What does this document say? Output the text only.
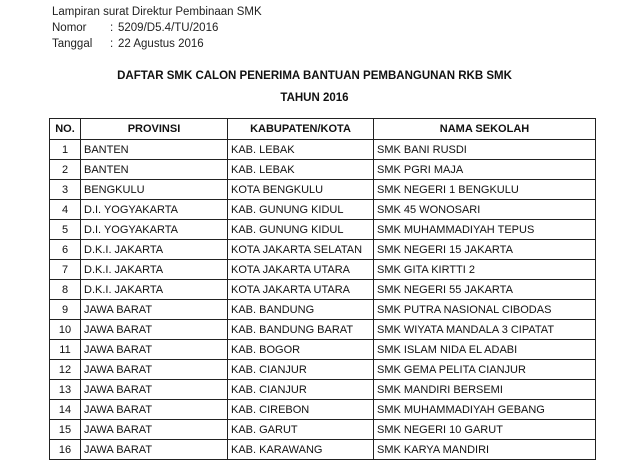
Lampiran surat Direktur Pembinaan SMK
Nomor : 5209/D5.4/TU/2016
Tanggal : 22 Agustus 2016
DAFTAR SMK CALON PENERIMA BANTUAN PEMBANGUNAN RKB SMK
TAHUN 2016
NO.	PROVINSI	KABUPATEN/KOTA	NAMA SEKOLAH
1	BANTEN	KAB. LEBAK	SMK BANI RUSDI
2	BANTEN	KAB. LEBAK	SMK PGRI MAJA
3	BENGKULU	KOTA BENGKULU	SMK NEGERI 1 BENGKULU
4	D.I. YOGYAKARTA	KAB. GUNUNG KIDUL	SMK 45 WONOSARI
5	D.I. YOGYAKARTA	KAB. GUNUNG KIDUL	SMK MUHAMMADIYAH TEPUS
6	D.K.I. JAKARTA	KOTA JAKARTA SELATAN	SMK NEGERI 15 JAKARTA
7	D.K.I. JAKARTA	KOTA JAKARTA UTARA	SMK GITA KIRTTI 2
8	D.K.I. JAKARTA	KOTA JAKARTA UTARA	SMK NEGERI 55 JAKARTA
9	JAWA BARAT	KAB. BANDUNG	SMK PUTRA NASIONAL CIBODAS
10	JAWA BARAT	KAB. BANDUNG BARAT	SMK WIYATA MANDALA 3 CIPATAT
11	JAWA BARAT	KAB. BOGOR	SMK ISLAM NIDA EL ADABI
12	JAWA BARAT	KAB. CIANJUR	SMK GEMA PELITA CIANJUR
13	JAWA BARAT	KAB. CIANJUR	SMK MANDIRI BERSEMI
14	JAWA BARAT	KAB. CIREBON	SMK MUHAMMADIYAH GEBANG
15	JAWA BARAT	KAB. GARUT	SMK NEGERI 10 GARUT
16	JAWA BARAT	KAB. KARAWANG	SMK KARYA MANDIRI
